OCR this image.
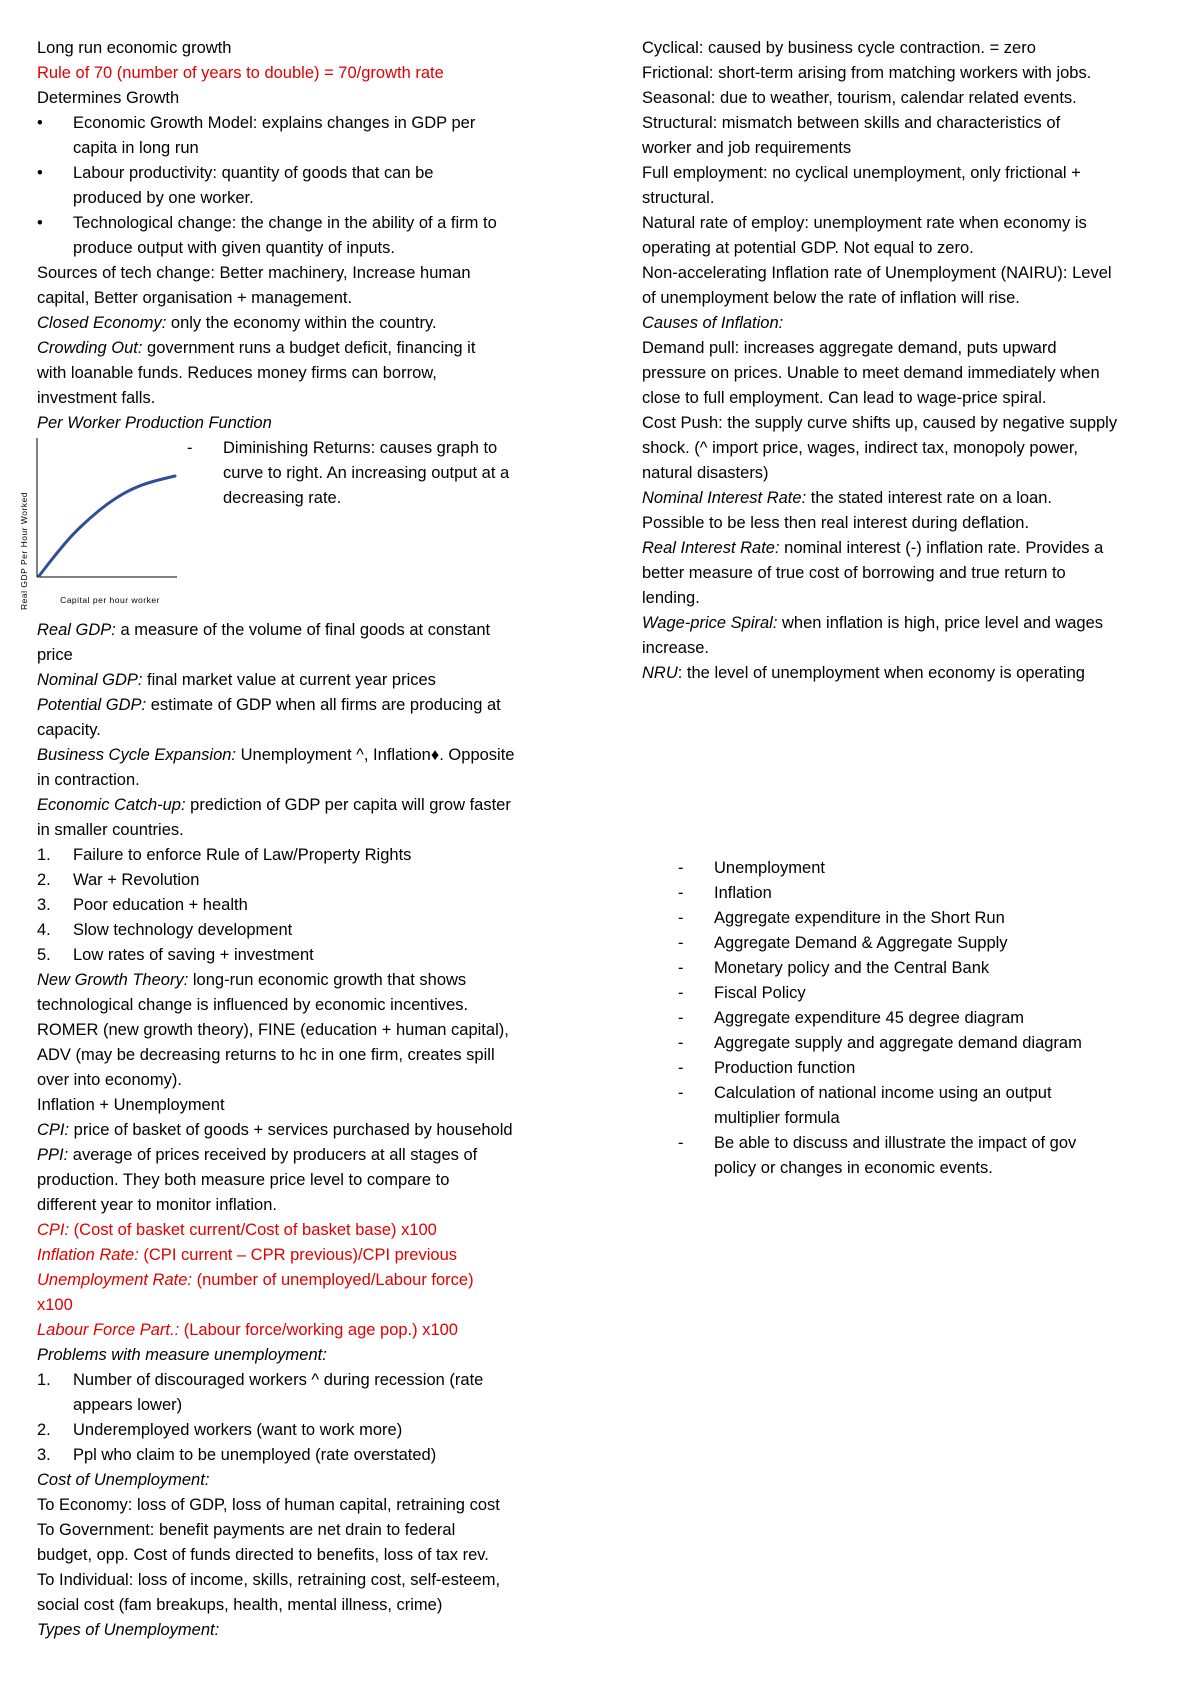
Long run economic growth
Rule of 70 (number of years to double) = 70/growth rate
Determines Growth
•	Economic Growth Model: explains changes in GDP per
capita in long run
•	Labour productivity: quantity of goods that can be
produced by one worker.
•	Technological change: the change in the ability of a firm to
produce output with given quantity of inputs.
Sources of tech change: Better machinery, Increase human
capital, Better organisation + management.
Closed Economy: only the economy within the country.
Crowding Out: government runs a budget deficit, financing it
with loanable funds. Reduces money firms can borrow,
investment falls.
Per Worker Production Function
Real GDP Per Hour Worked	Capital per hour worker
- Diminishing Returns: causes graph to
curve to right. An increasing output at a
decreasing rate.
Real GDP: a measure of the volume of final goods at constant
price
Nominal GDP: final market value at current year prices
Potential GDP: estimate of GDP when all firms are producing at
capacity.
Business Cycle Expansion: Unemployment ^, Inflation♦. Opposite
in contraction.
Economic Catch-up: prediction of GDP per capita will grow faster
in smaller countries.
1.	Failure to enforce Rule of Law/Property Rights
2.	War + Revolution
3.	Poor education + health
4.	Slow technology development
5.	Low rates of saving + investment
New Growth Theory: long-run economic growth that shows
technological change is influenced by economic incentives.
ROMER (new growth theory), FINE (education + human capital),
ADV (may be decreasing returns to hc in one firm, creates spill
over into economy).
Inflation + Unemployment
CPI: price of basket of goods + services purchased by household
PPI: average of prices received by producers at all stages of
production. They both measure price level to compare to
different year to monitor inflation.
CPI: (Cost of basket current/Cost of basket base) x100
Inflation Rate: (CPI current – CPR previous)/CPI previous
Unemployment Rate: (number of unemployed/Labour force)
x100
Labour Force Part.: (Labour force/working age pop.) x100
Problems with measure unemployment:
1.	Number of discouraged workers ^ during recession (rate
appears lower)
2.	Underemployed workers (want to work more)
3.	Ppl who claim to be unemployed (rate overstated)
Cost of Unemployment:
To Economy: loss of GDP, loss of human capital, retraining cost
To Government: benefit payments are net drain to federal
budget, opp. Cost of funds directed to benefits, loss of tax rev.
To Individual: loss of income, skills, retraining cost, self-esteem,
social cost (fam breakups, health, mental illness, crime)
Types of Unemployment:
Cyclical: caused by business cycle contraction. = zero
Frictional: short-term arising from matching workers with jobs.
Seasonal: due to weather, tourism, calendar related events.
Structural: mismatch between skills and characteristics of
worker and job requirements
Full employment: no cyclical unemployment, only frictional +
structural.
Natural rate of employ: unemployment rate when economy is
operating at potential GDP. Not equal to zero.
Non-accelerating Inflation rate of Unemployment (NAIRU): Level
of unemployment below the rate of inflation will rise.
Causes of Inflation:
Demand pull: increases aggregate demand, puts upward
pressure on prices. Unable to meet demand immediately when
close to full employment. Can lead to wage-price spiral.
Cost Push: the supply curve shifts up, caused by negative supply
shock. (^ import price, wages, indirect tax, monopoly power,
natural disasters)
Nominal Interest Rate: the stated interest rate on a loan.
Possible to be less then real interest during deflation.
Real Interest Rate: nominal interest (-) inflation rate. Provides a
better measure of true cost of borrowing and true return to
lending.
Wage-price Spiral: when inflation is high, price level and wages
increase.
NRU: the level of unemployment when economy is operating
- Unemployment
- Inflation
- Aggregate expenditure in the Short Run
- Aggregate Demand & Aggregate Supply
- Monetary policy and the Central Bank
- Fiscal Policy
- Aggregate expenditure 45 degree diagram
- Aggregate supply and aggregate demand diagram
- Production function
- Calculation of national income using an output
multiplier formula
- Be able to discuss and illustrate the impact of gov
policy or changes in economic events.
